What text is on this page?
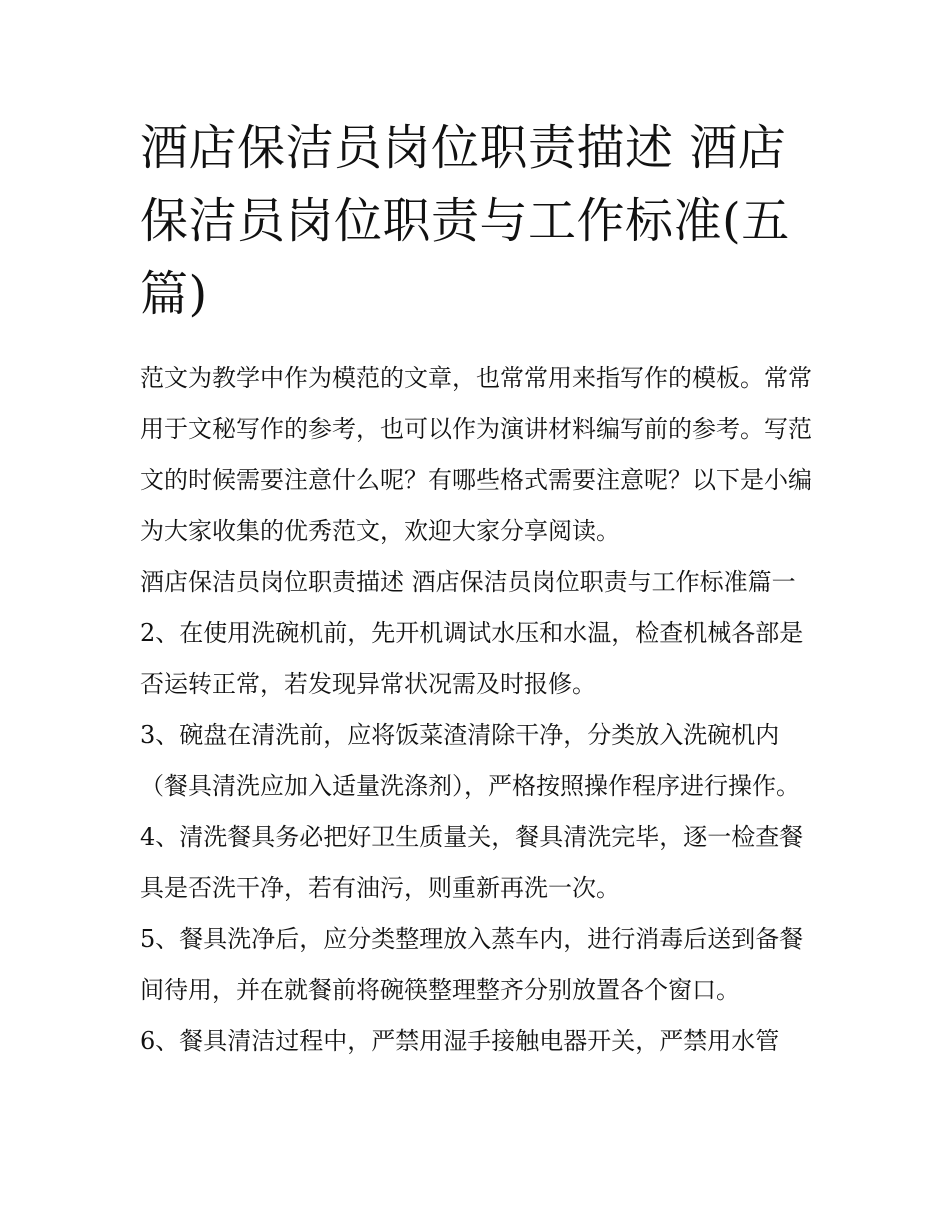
酒店保洁员岗位职责描述 酒店保洁员岗位职责与工作标准(五篇)

范文为教学中作为模范的文章，也常常用来指写作的模板。常常用于文秘写作的参考，也可以作为演讲材料编写前的参考。写范文的时候需要注意什么呢？有哪些格式需要注意呢？以下是小编为大家收集的优秀范文，欢迎大家分享阅读。

酒店保洁员岗位职责描述 酒店保洁员岗位职责与工作标准篇一 2、在使用洗碗机前，先开机调试水压和水温，检查机械各部是否运转正常，若发现异常状况需及时报修。

3、碗盘在清洗前，应将饭菜渣清除干净，分类放入洗碗机内（餐具清洗应加入适量洗涤剂），严格按照操作程序进行操作。

4、清洗餐具务必把好卫生质量关，餐具清洗完毕，逐一检查餐具是否洗干净，若有油污，则重新再洗一次。

5、餐具洗净后，应分类整理放入蒸车内，进行消毒后送到备餐间待用，并在就餐前将碗筷整理整齐分别放置各个窗口。

6、餐具清洁过程中，严禁用湿手接触电器开关，严禁用水管
